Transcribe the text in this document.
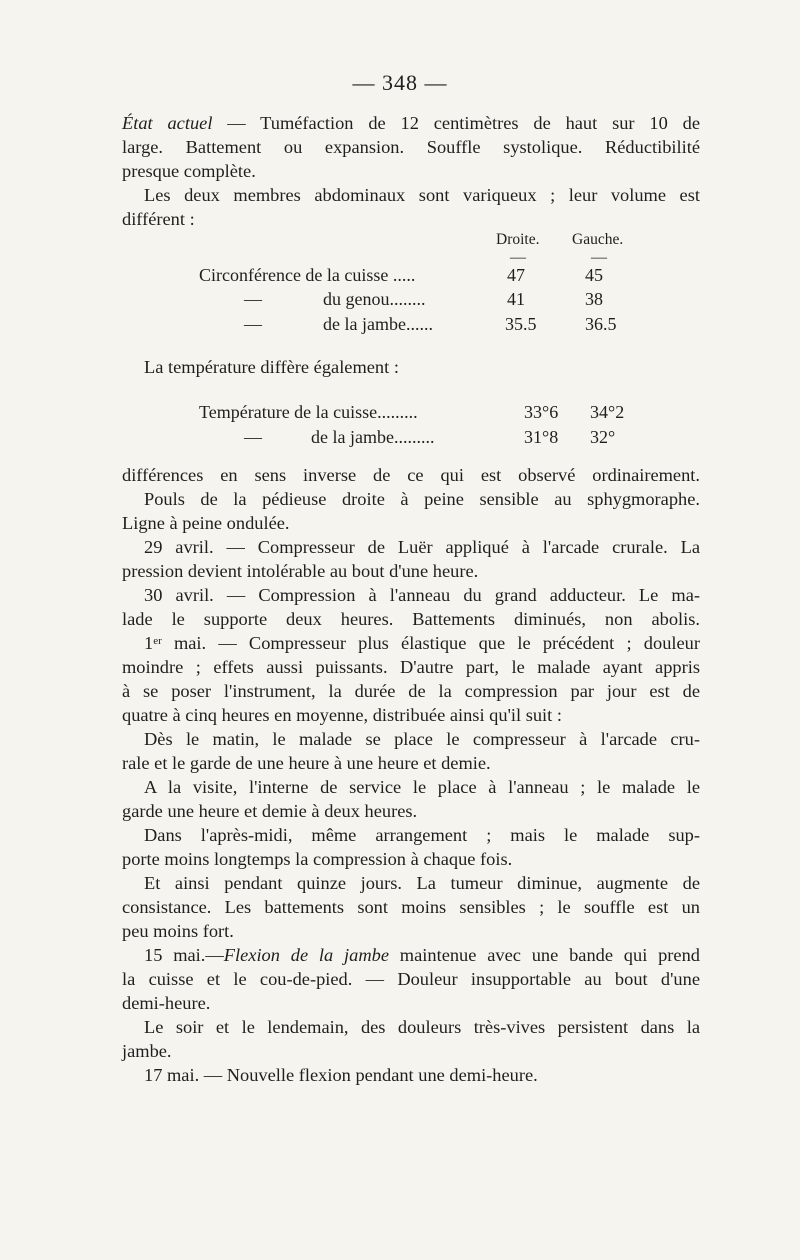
— 348 —

État actuel — Tuméfaction de 12 centimètres de haut sur 10 de

large. Battement ou expansion. Souffle systolique. Réductibilité

presque complète.

Les deux membres abdominaux sont variqueux ; leur volume est

différent :

Droite. Gauche.
—	—
Circonférence de la cuisse .....	47	45
—	du genou........	41	38
—	de la jambe......	35.5	36.5

La température diffère également :

Température de la cuisse.........	33°6 34°2
—	de la jambe.........	31°8 32°

différences en sens inverse de ce qui est observé ordinairement.

Pouls de la pédieuse droite à peine sensible au sphygmoraphe.

Ligne à peine ondulée.

29 avril. — Compresseur de Luër appliqué à l'arcade crurale. La

pression devient intolérable au bout d'une heure.

30 avril. — Compression à l'anneau du grand adducteur. Le ma-

lade le supporte deux heures. Battements diminués, non abolis.

1er mai. — Compresseur plus élastique que le précédent ; douleur

moindre ; effets aussi puissants. D'autre part, le malade ayant appris

à se poser l'instrument, la durée de la compression par jour est de

quatre à cinq heures en moyenne, distribuée ainsi qu'il suit :

Dès le matin, le malade se place le compresseur à l'arcade cru-

rale et le garde de une heure à une heure et demie.

A la visite, l'interne de service le place à l'anneau ; le malade le

garde une heure et demie à deux heures.

Dans l'après-midi, même arrangement ; mais le malade sup-

porte moins longtemps la compression à chaque fois.

Et ainsi pendant quinze jours. La tumeur diminue, augmente de

consistance. Les battements sont moins sensibles ; le souffle est un

peu moins fort.

15 mai.—Flexion de la jambe maintenue avec une bande qui prend

la cuisse et le cou-de-pied. — Douleur insupportable au bout d'une

demi-heure.

Le soir et le lendemain, des douleurs très-vives persistent dans la

jambe.

17 mai. — Nouvelle flexion pendant une demi-heure.
